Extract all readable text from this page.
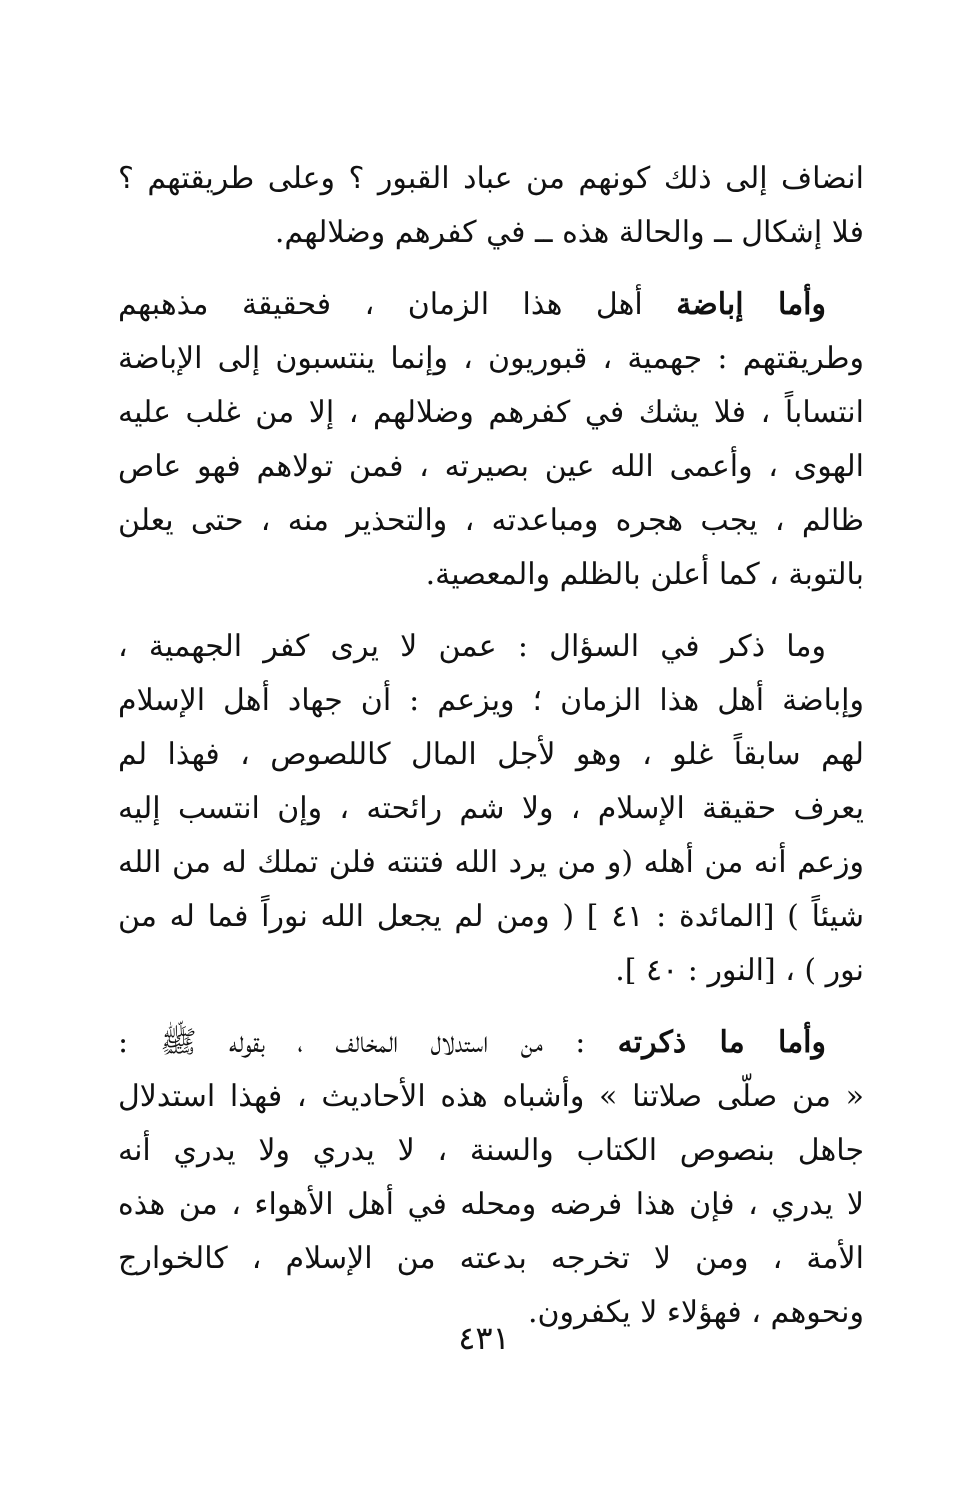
انضاف إلى ذلك كونهم من عباد القبور ؟ وعلى طريقتهم ؟
فلا إشكال ــ والحالة هذه ــ في كفرهم وضلالهم.
وأما إباضة أهل هذا الزمان ، فحقيقة مذهبهم
وطريقتهم : جهمية ، قبوريون ، وإنما ينتسبون إلى الإباضة
انتساباً ، فلا يشك في كفرهم وضلالهم ، إلا من غلب عليه
الهوى ، وأعمى الله عين بصيرته ، فمن تولاهم فهو عاص
ظالم ، يجب هجره ومباعدته ، والتحذير منه ، حتى يعلن
بالتوبة ، كما أعلن بالظلم والمعصية.
وما ذكر في السؤال : عمن لا يرى كفر الجهمية ،
وإباضة أهل هذا الزمان ؛ ويزعم : أن جهاد أهل الإسلام
لهم سابقاً غلو ، وهو لأجل المال كاللصوص ، فهذا لم
يعرف حقيقة الإسلام ، ولا شم رائحته ، وإن انتسب إليه
وزعم أنه من أهله (و من يرد الله فتنته فلن تملك له من الله
شيئاً ) [المائدة : ٤١ ] ( ومن لم يجعل الله نوراً فما له من
نور ) ، [النور : ٤٠ ].
وأما ما ذكرته : من استدلال المخالف ، بقوله ﷺ :
« من صلّى صلاتنا » وأشباه هذه الأحاديث ، فهذا استدلال
جاهل بنصوص الكتاب والسنة ، لا يدري ولا يدري أنه
لا يدري ، فإن هذا فرضه ومحله في أهل الأهواء ، من هذه
الأمة ، ومن لا تخرجه بدعته من الإسلام ، كالخوارج
ونحوهم ، فهؤلاء لا يكفرون.
٤٣١
